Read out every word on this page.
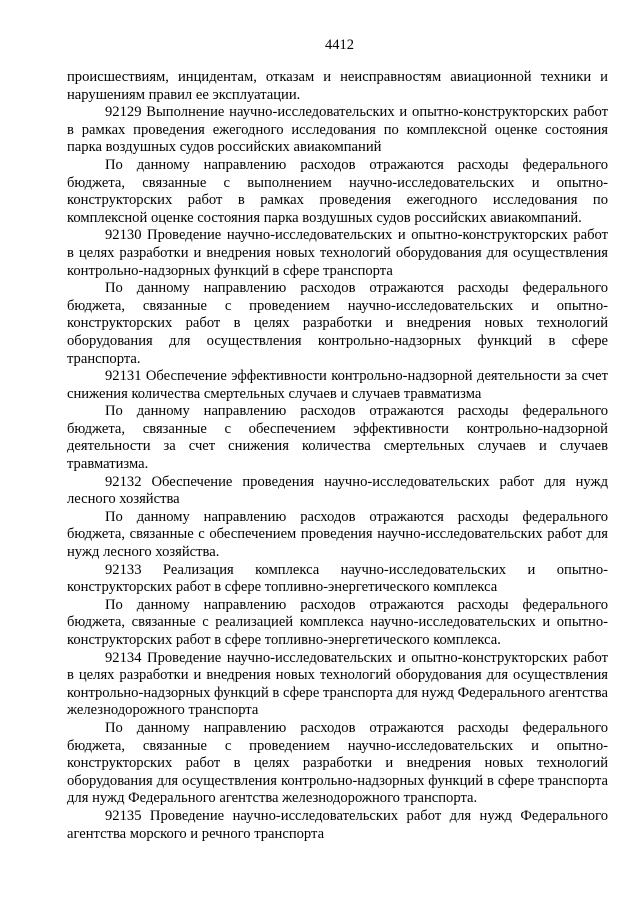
4412

происшествиям, инцидентам, отказам и неисправностям авиационной техники и нарушениям правил ее эксплуатации.

92129 Выполнение научно-исследовательских и опытно-конструкторских работ в рамках проведения ежегодного исследования по комплексной оценке состояния парка воздушных судов российских авиакомпаний

По данному направлению расходов отражаются расходы федерального бюджета, связанные с выполнением научно-исследовательских и опытно-конструкторских работ в рамках проведения ежегодного исследования по комплексной оценке состояния парка воздушных судов российских авиакомпаний.

92130 Проведение научно-исследовательских и опытно-конструкторских работ в целях разработки и внедрения новых технологий оборудования для осуществления контрольно-надзорных функций в сфере транспорта

По данному направлению расходов отражаются расходы федерального бюджета, связанные с проведением научно-исследовательских и опытно-конструкторских работ в целях разработки и внедрения новых технологий оборудования для осуществления контрольно-надзорных функций в сфере транспорта.

92131 Обеспечение эффективности контрольно-надзорной деятельности за счет снижения количества смертельных случаев и случаев травматизма

По данному направлению расходов отражаются расходы федерального бюджета, связанные с обеспечением эффективности контрольно-надзорной деятельности за счет снижения количества смертельных случаев и случаев травматизма.

92132 Обеспечение проведения научно-исследовательских работ для нужд лесного хозяйства

По данному направлению расходов отражаются расходы федерального бюджета, связанные с обеспечением проведения научно-исследовательских работ для нужд лесного хозяйства.

92133 Реализация комплекса научно-исследовательских и опытно-конструкторских работ в сфере топливно-энергетического комплекса

По данному направлению расходов отражаются расходы федерального бюджета, связанные с реализацией комплекса научно-исследовательских и опытно-конструкторских работ в сфере топливно-энергетического комплекса.

92134 Проведение научно-исследовательских и опытно-конструкторских работ в целях разработки и внедрения новых технологий оборудования для осуществления контрольно-надзорных функций в сфере транспорта для нужд Федерального агентства железнодорожного транспорта

По данному направлению расходов отражаются расходы федерального бюджета, связанные с проведением научно-исследовательских и опытно-конструкторских работ в целях разработки и внедрения новых технологий оборудования для осуществления контрольно-надзорных функций в сфере транспорта для нужд Федерального агентства железнодорожного транспорта.

92135 Проведение научно-исследовательских работ для нужд Федерального агентства морского и речного транспорта
